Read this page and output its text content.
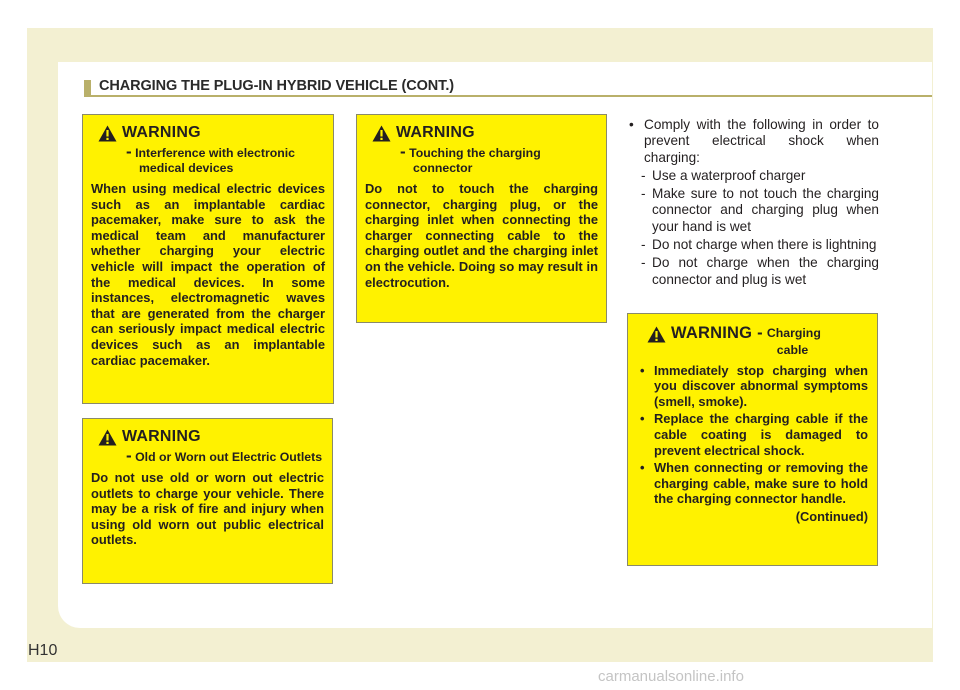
CHARGING THE PLUG-IN HYBRID VEHICLE (CONT.)
WARNING
- Interference with electronic medical devices
When using medical electric devices such as an implantable cardiac pacemaker, make sure to ask the medical team and manufacturer whether charging your electric vehicle will impact the operation of the medical devices. In some instances, electromagnetic waves that are generated from the charger can seriously impact medical electric devices such as an implantable cardiac pacemaker.
WARNING
- Old or Worn out Electric Outlets
Do not use old or worn out electric outlets to charge your vehicle. There may be a risk of fire and injury when using old worn out public electrical outlets.
WARNING
- Touching the charging connector
Do not to touch the charging connector, charging plug, or the charging inlet when connecting the charger connecting cable to the charging outlet and the charging inlet on the vehicle. Doing so may result in electrocution.
• Comply with the following in order to prevent electrical shock when charging:
- Use a waterproof charger
- Make sure to not touch the charging connector and charging plug when your hand is wet
- Do not charge when there is lightning
- Do not charge when the charging connector and plug is wet
WARNING - Charging
cable
• Immediately stop charging when you discover abnormal symptoms (smell, smoke).
• Replace the charging cable if the cable coating is damaged to prevent electrical shock.
• When connecting or removing the charging cable, make sure to hold the charging connector handle.
(Continued)
H10
carmanualsonline.info
